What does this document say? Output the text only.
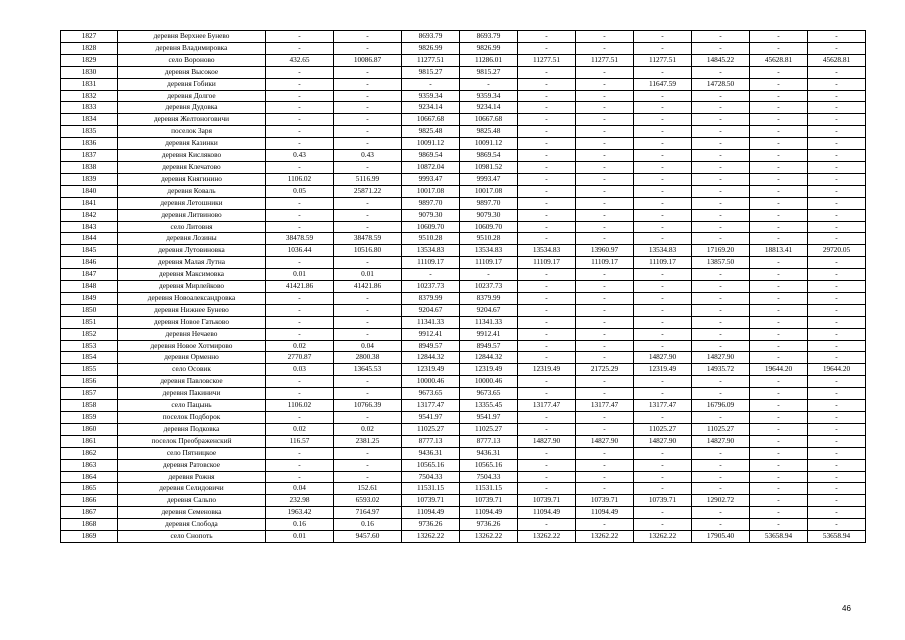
1827	деревня Верхнее Бунево	-	-	8693.79	8693.79	-	-	-	-	-	-
1828	деревня Владимировка	-	-	9826.99	9826.99	-	-	-	-	-	-
1829	село Вороново	432.65	10086.87	11277.51	11286.01	11277.51	11277.51	11277.51	14845.22	45628.81	45628.81
1830	деревня Высокое	-	-	9815.27	9815.27	-	-	-	-	-	-
1831	деревня Гобики	-	-	-	-	-	-	11647.59	14728.50	-	-
1832	деревня Долгое	-	-	9359.34	9359.34	-	-	-	-	-	-
1833	деревня Дудовка	-	-	9234.14	9234.14	-	-	-	-	-	-
1834	деревня Желтоноговичи	-	-	10667.68	10667.68	-	-	-	-	-	-
1835	поселок Заря	-	-	9825.48	9825.48	-	-	-	-	-	-
1836	деревня Казинки	-	-	10091.12	10091.12	-	-	-	-	-	-
1837	деревня Кисляково	0.43	0.43	9869.54	9869.54	-	-	-	-	-	-
1838	деревня Клечатово	-	-	10872.04	10981.52	-	-	-	-	-	-
1839	деревня Княгинино	1106.02	5116.99	9993.47	9993.47	-	-	-	-	-	-
1840	деревня Коваль	0.05	25871.22	10017.08	10017.08	-	-	-	-	-	-
1841	деревня Летошники	-	-	9897.70	9897.70	-	-	-	-	-	-
1842	деревня Литвиново	-	-	9079.30	9079.30	-	-	-	-	-	-
1843	село Литовня	-	-	10609.70	10609.70	-	-	-	-	-	-
1844	деревня Лозины	38478.59	38478.59	9510.28	9510.28	-	-	-	-	-	-
1845	деревня Лутовиновка	1036.44	10516.80	13534.83	13534.83	13534.83	13960.97	13534.83	17169.20	18813.41	29720.05
1846	деревня Малая Лутна	-	-	11109.17	11109.17	11109.17	11109.17	11109.17	13857.50	-	-
1847	деревня Максимовка	0.01	0.01	-	-	-	-	-	-	-	-
1848	деревня Мирлейково	41421.86	41421.86	10237.73	10237.73	-	-	-	-	-	-
1849	деревня Новоалександровка	-	-	8379.99	8379.99	-	-	-	-	-	-
1850	деревня Нижнее Бунево	-	-	9204.67	9204.67	-	-	-	-	-	-
1851	деревня Новое Гатьково	-	-	11341.33	11341.33	-	-	-	-	-	-
1852	деревня Нечаево	-	-	9912.41	9912.41	-	-	-	-	-	-
1853	деревня Новое Хотмирово	0.02	0.04	8949.57	8949.57	-	-	-	-	-	-
1854	деревня Орменно	2770.87	2800.38	12844.32	12844.32	-	-	14827.90	14827.90	-	-
1855	село Осовик	0.03	13645.53	12319.49	12319.49	12319.49	21725.29	12319.49	14935.72	19644.20	19644.20
1856	деревня Павловское	-	-	10000.46	10000.46	-	-	-	-	-	-
1857	деревня Пакиничи	-	-	9673.65	9673.65	-	-	-	-	-	-
1858	село Пацынь	1106.02	10766.39	13177.47	13355.45	13177.47	13177.47	13177.47	16796.09	-	-
1859	поселок Подборок	-	-	9541.97	9541.97	-	-	-	-	-	-
1860	деревня Подковка	0.02	0.02	11025.27	11025.27	-	-	11025.27	11025.27	-	-
1861	поселок Преображенский	116.57	2381.25	8777.13	8777.13	14827.90	14827.90	14827.90	14827.90	-	-
1862	село Пятницкое	-	-	9436.31	9436.31	-	-	-	-	-	-
1863	деревня Ратовское	-	-	10565.16	10565.16	-	-	-	-	-	-
1864	деревня Рожня	-	-	7504.33	7504.33	-	-	-	-	-	-
1865	деревня Селидовичи	0.04	152.61	11531.15	11531.15	-	-	-	-	-	-
1866	деревня Сальпо	232.98	6593.02	10739.71	10739.71	10739.71	10739.71	10739.71	12902.72	-	-
1867	деревня Семеновка	1963.42	7164.97	11094.49	11094.49	11094.49	11094.49	-	-	-	-
1868	деревня Слобода	0.16	0.16	9736.26	9736.26	-	-	-	-	-	-
1869	село Снопоть	0.01	9457.60	13262.22	13262.22	13262.22	13262.22	13262.22	17905.40	53658.94	53658.94
46
